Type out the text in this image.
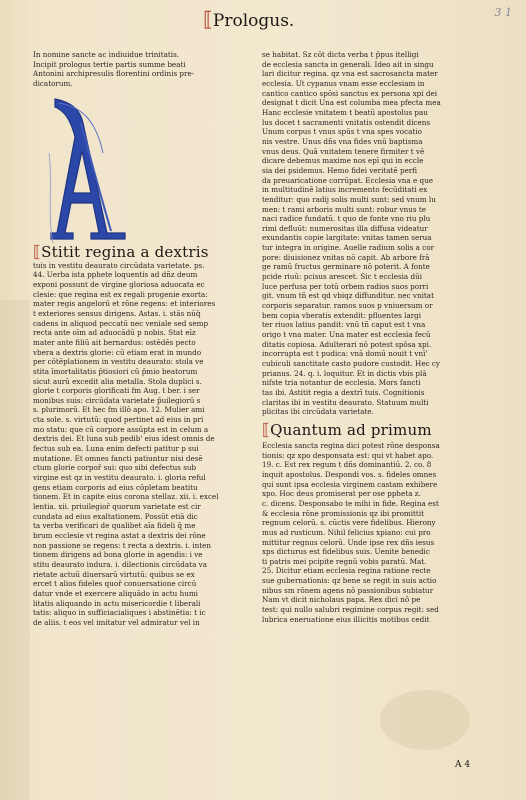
⟦Prologus.	3 1
In nomine sancte ac indiuidue trinitatis.
Incipit prologus tertie partis summe beati
Antonini archipresulis florentini ordinis pre-
dicatorum.
⟦Stitit regina a dextris
tuis in vestitu deaurato circūdata varietate. ps.
44. Uerba ista pphete loquentis ad dñz deum
exponi possunt de virgine gloriosa aduocata ec
clesie: que regina est ex regali progenie exorta:
mater regis angelorū et rōne regens: et interiores
t exteriores sensus dirigens. Astas. i. stās nūq̄
cadens in aliquod peccatū nec veniale sed semp
recta ante oīm ad aduocādū p nobis. Stat eīz
mater ante filiū ait bernardus: ostēdēs pecto
vbera a dextris glorie: cū etiam erat in mundo
per cōtēplationem in vestitu deaurato: stola ve
stita īmortalitatis p̄tiosiori cū p̄mio beatorum
sicut aurū excedit alia metalla. Stola duplici s.
glorie t corporis glorificati fm Aug. t ber. i ser
monibus suis: circūdata varietate p̄uilegiorū s
s. plurimorū. Et hec fm illō apo. 12. Mulier ami
cta sole. s. virtutū: quod pertinet ad eius in pri
mo statu: que cū corpore assūpta est in celum a
dextris dei. Et luna sub pedib' eius idest omnis de
fectus sub ea. Luna enim defecti patitur p sui
mutatione. Et omnes fancti patiuntur nisi desē
ctum glorie corpor̄ sui: quo sibi defectus sub
virgine est qz in vestitu deaurato. i. gloria reful
gens etiam corporis ad eius cōpletam beatitu
tionem. Et in capite eius corona stellaz. xii. i. excel
lentia. xii. priuilegior̄ quorum varietate est cir
cundata ad eius exaltationem. Possūt etiā dic
ta verba verificari de qualibet aīa fideli q̄ me
brum ecclesie vt regina astat a dextris dei rōne
non passione se regens: t recta a dextris. i. inten
tionem dirigens ad bona glorie in agendis: i ve
stitu deaurato indura. i. dilectionis circūdata va
rietate actuū diuersarū virtutū: quibus se ex
ercet t alios fideles quor̄ conuersatione circū
datur vnde et exercere aliquādo in actu humi
litatis aliquando in actu misericordie t liberali
tatis: aliquo in sufficiacialiques i abstinētia: t ic
de aliis. t eos vel imitatur vel admiratur vel in
se habitat. Sz cōt dicta verba t p̄pus itelligi
de ecclesia sancta in generali. Ideo ait in singu
lari dicitur regina. qz vna est sacrosancta mater
ecclesia. Ut cypanus vnam esse ecclesiam in
cantico cantico spōsi sanctus ex persona xpi dei
designat t dicit Una est columba mea pfecta mea
Hanc ecclesie vnitatem t beatū apostolus pau
lus docet t sacramenti vnitatis ostendit dicens
Unum corpus t vnus spūs t vna spes vocatio
nis vestre. Unus dñs vna fides vnū baptisma
vnus deus. Quā vnitatem tenere firmiter t vē
dicare debemus maxime nos epī qui in eccle
sia dei psidemus. Hemo fidei veritatē perfi
da preuaricatione corrūpat. Ecclesia vna e que
in multitudinē latius incremento fecūditati ex
tenditur: quo radij solis multi sunt: sed vnum lu
men: t rami arboris multi sunt: robur vnus te
naci radice fundatū. t quo de fonte vno riu plu
rimi defluūt: numerositas illa diffusa videatur
exundantis copie largitate: vnitas tamen serua
tur integra in origine. Auelle radium solis a cor
pore: diuisionez vnitas nō capit. Ab arbore frā
ge ramū fructus germinare nō poterit. A fonte
pcide riuū: pcisus arescet. Sic t ecclesia dūi
luce perfusa per totū orbem radios suos porri
git. vnum tñ est qd vbiqz diffunditur. nec vnitat
corporis separatur. ramos suos p vniuersum or
bem copia vberatis extendit: pfluentes largi
ter riuos latius pandit: vnū tñ caput est t vna
origo t vna mater. Una mater est ecclesia fecū
ditatis copiosa. Adulterari nō potest spōsa xpi.
incorrupta est t pudica: vnā domū nouit t vnī'
cubiculi sanctitate casto pudore custodit. Hec cy
prianus. 24. q. i. loquitur. Et in dictis vbis plā
nifste tria notantur de ecclesia. Mors fancti
tas ibi. Astitit regia a dextrī tuis. Cognitionis
claritas ibi in vestitu deaurato. Statuum multi
plicitas ibi circūdata varietate.
⟦Quantum ad primum
Ecclesia sancta regina dici potest rōne desponsa
tionis: qz xpo desponsata est: qui vt habet apo.
19. c. Est rex regum t dñs dominantiū. 2. co. 8
inquit apostolus. Despondi vos. s. fideles omnes
qui sunt ipsa ecclesia virginem castam exhibere
xpo. Hoc deus promiserat per ose ppheta z.
c. dicens. Desponsabo te mihi in fide. Regina est
& ecclesia rōne promissionis qz ibi promittit
regnum celorū. s. cūctis vere fidelibus. Hierony
mus ad rusticum. Nihil felicius xpiano: cui pro
mittitur regnus celorū. Unde ipse rex dñs iesus
xps dicturus est fidelibus suis. Uenite benedic
ti patris mei pcipite regnū vobis paratū. Mat.
25. Dicitur etiam ecclesia regina ratione recte
sue gubernationis: qz bene se regit in suis actio
nibus sm rōnem agens nō passionibus subiatur
Nam vt dicit nicholaus papa. Rex dici nō pe
test: qui nullo salubri regimine corpus regit: sed
lubrica eneruatione eius illicitis motibus cedit
A 4
